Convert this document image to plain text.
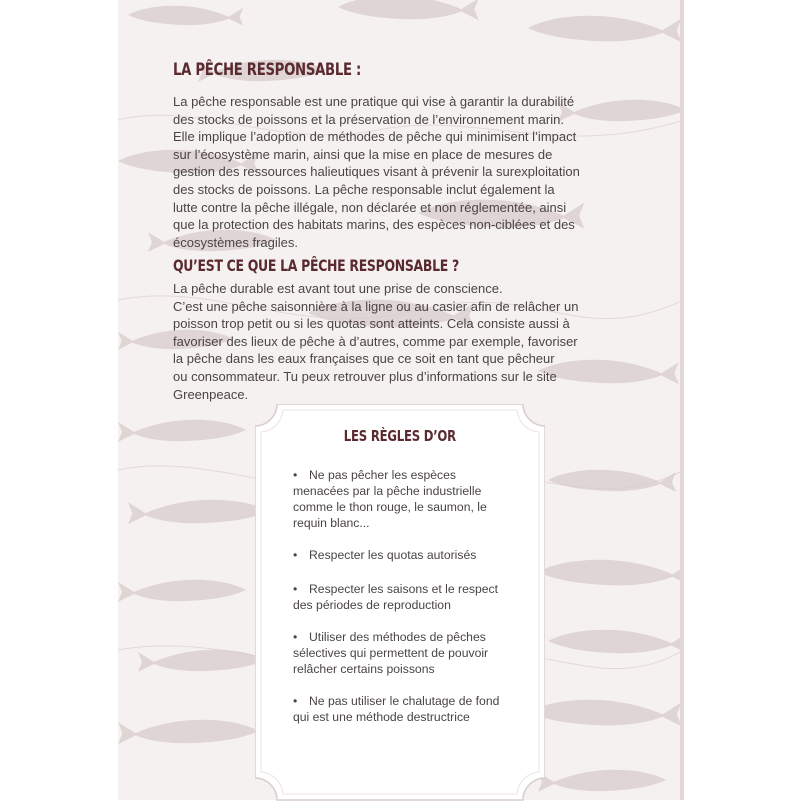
LA PÊCHE RESPONSABLE :

La pêche responsable est une pratique qui vise à garantir la durabilité
des stocks de poissons et la préservation de l’environnement marin.
Elle implique l’adoption de méthodes de pêche qui minimisent l’impact
sur l’écosystème marin, ainsi que la mise en place de mesures de
gestion des ressources halieutiques visant à prévenir la surexploitation
des stocks de poissons. La pêche responsable inclut également la
lutte contre la pêche illégale, non déclarée et non réglementée, ainsi
que la protection des habitats marins, des espèces non-ciblées et des
écosystèmes fragiles.

QU’EST CE QUE LA PÊCHE RESPONSABLE ?

La pêche durable est avant tout une prise de conscience.
C’est une pêche saisonnière à la ligne ou au casier afin de relâcher un
poisson trop petit ou si les quotas sont atteints. Cela consiste aussi à
favoriser des lieux de pêche à d’autres, comme par exemple, favoriser
la pêche dans les eaux françaises que ce soit en tant que pêcheur
ou consommateur. Tu peux retrouver plus d’informations sur le site
Greenpeace.

LES RÈGLES D’OR
• Ne pas pêcher les espèces
menacées par la pêche industrielle
comme le thon rouge, le saumon, le
requin blanc...
• Respecter les quotas autorisés
• Respecter les saisons et le respect
des périodes de reproduction
• Utiliser des méthodes de pêches
sélectives qui permettent de pouvoir
relâcher certains poissons
• Ne pas utiliser le chalutage de fond
qui est une méthode destructrice
